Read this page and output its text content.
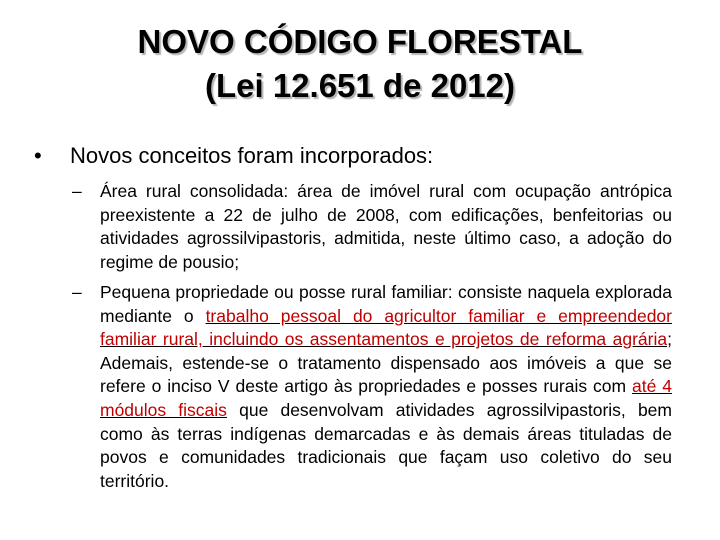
NOVO CÓDIGO FLORESTAL
(Lei 12.651 de 2012)
• Novos conceitos foram incorporados:
– Área rural consolidada: área de imóvel rural com ocupação antrópica preexistente a 22 de julho de 2008, com edificações, benfeitorias ou atividades agrossilvipastoris, admitida, neste último caso, a adoção do regime de pousio;
– Pequena propriedade ou posse rural familiar: consiste naquela explorada mediante o trabalho pessoal do agricultor familiar e empreendedor familiar rural, incluindo os assentamentos e projetos de reforma agrária; Ademais, estende-se o tratamento dispensado aos imóveis a que se refere o inciso V deste artigo às propriedades e posses rurais com até 4 módulos fiscais que desenvolvam atividades agrossilvipastoris, bem como às terras indígenas demarcadas e às demais áreas tituladas de povos e comunidades tradicionais que façam uso coletivo do seu território.
